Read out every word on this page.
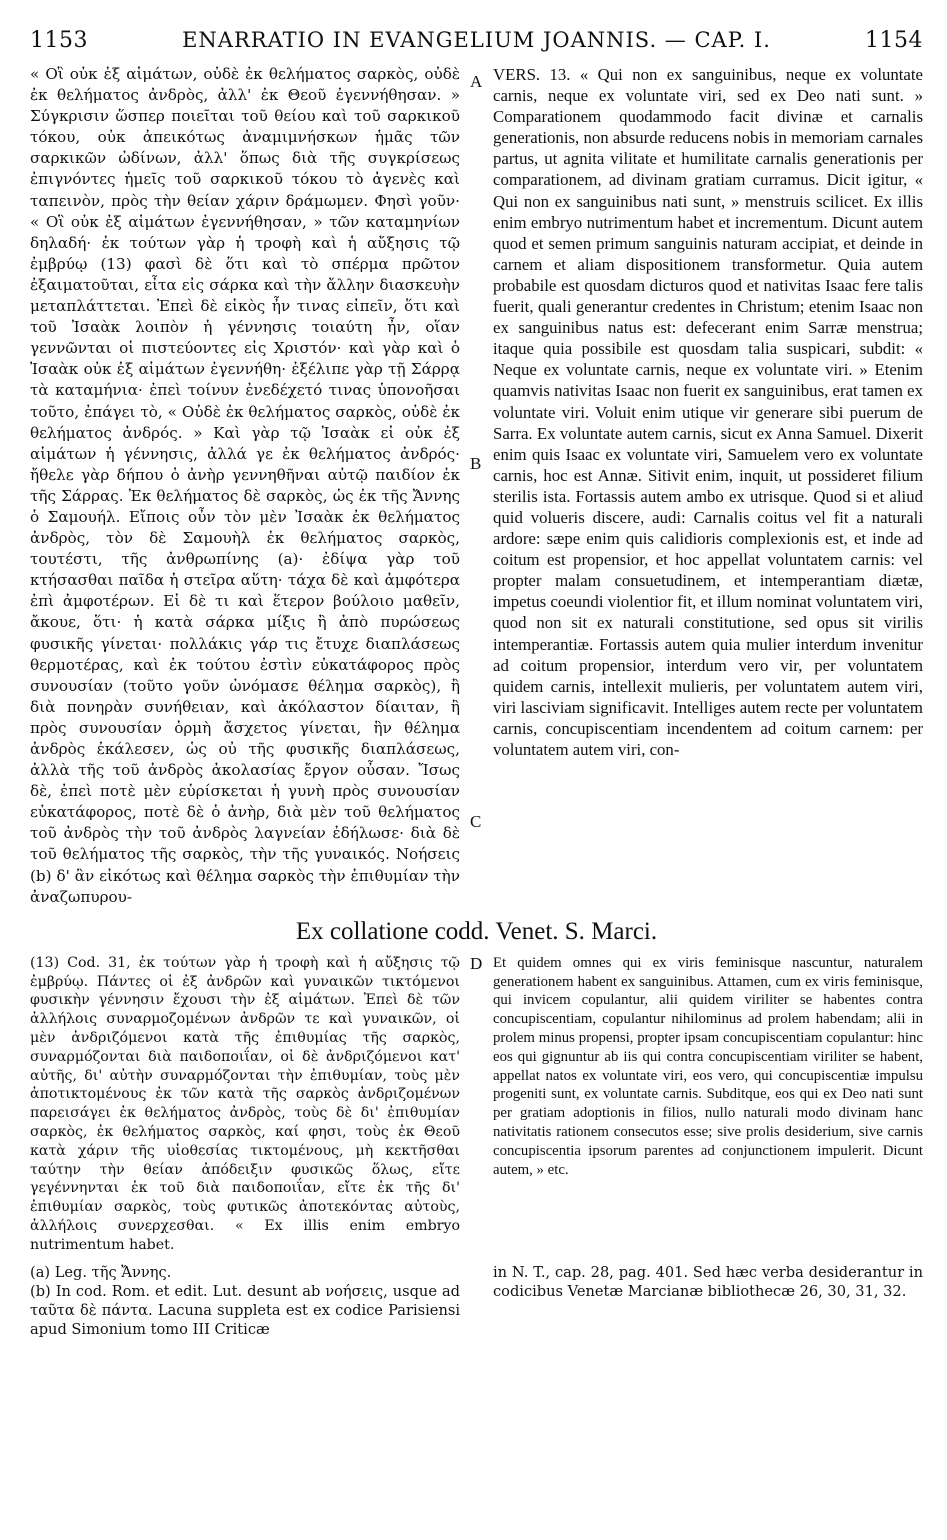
1153	ENARRATIO IN EVANGELIUM JOANNIS. — CAP. I.	1154

« Οἳ οὐκ ἐξ αἱμάτων, οὐδὲ ἐκ θελήματος σαρκὸς, οὐδὲ ἐκ θελήματος ἀνδρὸς, ἀλλ' ἐκ Θεοῦ ἐγεννήθησαν. » Σύγκρισιν ὥσπερ ποιεῖται τοῦ θείου καὶ τοῦ σαρκικοῦ τόκου, οὐκ ἀπεικότως ἀναμιμνήσκων ἡμᾶς τῶν σαρκικῶν ὠδίνων, ἀλλ' ὅπως διὰ τῆς συγκρίσεως ἐπιγνόντες ἡμεῖς τοῦ σαρκικοῦ τόκου τὸ ἀγενὲς καὶ ταπεινὸν, πρὸς τὴν θείαν χάριν δράμωμεν. Φησὶ γοῦν· « Οἳ οὐκ ἐξ αἱμάτων ἐγεννήθησαν, » τῶν καταμηνίων δηλαδή· ἐκ τούτων γὰρ ἡ τροφὴ καὶ ἡ αὔξησις τῷ ἐμβρύῳ (13) φασὶ δὲ ὅτι καὶ τὸ σπέρμα πρῶτον ἐξαιματοῦται, εἶτα εἰς σάρκα καὶ τὴν ἄλλην διασκευὴν μεταπλάττεται. Ἐπεὶ δὲ εἰκὸς ἦν τινας εἰπεῖν, ὅτι καὶ τοῦ Ἰσαὰκ λοιπὸν ἡ γέννησις τοιαύτη ἦν, οἵαν γεννῶνται οἱ πιστεύοντες εἰς Χριστόν· καὶ γὰρ καὶ ὁ Ἰσαὰκ οὐκ ἐξ αἱμάτων ἐγεννήθη· ἐξέλιπε γὰρ τῇ Σάρρᾳ τὰ καταμήνια· ἐπεὶ τοίνυν ἐνεδέχετό τινας ὑπονοῆσαι τοῦτο, ἐπάγει τὸ, « Οὐδὲ ἐκ θελήματος σαρκὸς, οὐδὲ ἐκ θελήματος ἀνδρός. » Καὶ γὰρ τῷ Ἰσαὰκ εἰ οὐκ ἐξ αἱμάτων ἡ γέννησις, ἀλλά γε ἐκ θελήματος ἀνδρός· ἤθελε γὰρ δήπου ὁ ἀνὴρ γεννηθῆναι αὐτῷ παιδίον ἐκ τῆς Σάρρας. Ἐκ θελήματος δὲ σαρκὸς, ὡς ἐκ τῆς Ἄννης ὁ Σαμουήλ. Εἴποις οὖν τὸν μὲν Ἰσαὰκ ἐκ θελήματος ἀνδρὸς, τὸν δὲ Σαμουὴλ ἐκ θελήματος σαρκὸς, τουτέστι, τῆς ἀνθρωπίνης (a)· ἐδίψα γὰρ τοῦ κτήσασθαι παῖδα ἡ στεῖρα αὕτη· τάχα δὲ καὶ ἀμφότερα ἐπὶ ἀμφοτέρων. Εἰ δὲ τι καὶ ἕτερον βούλοιο μαθεῖν, ἄκουε, ὅτι· ἡ κατὰ σάρκα μίξις ἢ ἀπὸ πυρώσεως φυσικῆς γίνεται· πολλάκις γάρ τις ἔτυχε διαπλάσεως θερμοτέρας, καὶ ἐκ τούτου ἐστὶν εὐκατάφορος πρὸς συνουσίαν (τοῦτο γοῦν ὠνόμασε θέλημα σαρκὸς), ἢ διὰ πονηρὰν συνήθειαν, καὶ ἀκόλαστον δίαιταν, ἢ πρὸς συνουσίαν ὁρμὴ ἄσχετος γίνεται, ἣν θέλημα ἀνδρὸς ἐκάλεσεν, ὡς οὐ τῆς φυσικῆς διαπλάσεως, ἀλλὰ τῆς τοῦ ἀνδρὸς ἀκολασίας ἔργον οὖσαν. Ἴσως δὲ, ἐπεὶ ποτὲ μὲν εὑρίσκεται ἡ γυνὴ πρὸς συνουσίαν εὐκατάφορος, ποτὲ δὲ ὁ ἀνὴρ, διὰ μὲν τοῦ θελήματος τοῦ ἀνδρὸς τὴν τοῦ ἀνδρὸς λαγνείαν ἐδήλωσε· διὰ δὲ τοῦ θελήματος τῆς σαρκὸς, τὴν τῆς γυναικός. Νοήσεις (b) δ' ἂν εἰκότως καὶ θέλημα σαρκὸς τὴν ἐπιθυμίαν τὴν ἀναζωπυρου-

VERS. 13. « Qui non ex sanguinibus, neque ex voluntate carnis, neque ex voluntate viri, sed ex Deo nati sunt. » Comparationem quodammodo facit divinæ et carnalis generationis, non absurde reducens nobis in memoriam carnales partus, ut agnita vilitate et humilitate carnalis generationis per comparationem, ad divinam gratiam curramus. Dicit igitur, « Qui non ex sanguinibus nati sunt, » menstruis scilicet. Ex illis enim embryo nutrimentum habet et incrementum. Dicunt autem quod et semen primum sanguinis naturam accipiat, et deinde in carnem et aliam dispositionem transformetur. Quia autem probabile est quosdam dicturos quod et nativitas Isaac fere talis fuerit, quali generantur credentes in Christum; etenim Isaac non ex sanguinibus natus est: defecerant enim Sarræ menstrua; itaque quia possibile est quosdam talia suspicari, subdit: « Neque ex voluntate carnis, neque ex voluntate viri. » Etenim quamvis nativitas Isaac non fuerit ex sanguinibus, erat tamen ex voluntate viri. Voluit enim utique vir generare sibi puerum de Sarra. Ex voluntate autem carnis, sicut ex Anna Samuel. Dixerit enim quis Isaac ex voluntate viri, Samuelem vero ex voluntate carnis, hoc est Annæ. Sitivit enim, inquit, ut possideret filium sterilis ista. Fortassis autem ambo ex utrisque. Quod si et aliud quid volueris discere, audi: Carnalis coitus vel fit a naturali ardore: sæpe enim quis calidioris complexionis est, et inde ad coitum est propensior, et hoc appellat voluntatem carnis: vel propter malam consuetudinem, et intemperantiam diætæ, impetus coeundi violentior fit, et illum nominat voluntatem viri, quod non sit ex naturali constitutione, sed opus sit virilis intemperantiæ. Fortassis autem quia mulier interdum invenitur ad coitum propensior, interdum vero vir, per voluntatem quidem carnis, intellexit mulieris, per voluntatem autem viri, viri lasciviam significavit. Intelliges autem recte per voluntatem carnis, concupiscentiam incendentem ad coitum carnem: per voluntatem autem viri, con-

A
B
C
Ex collatione codd. Venet. S. Marci.

(13) Cod. 31, ἐκ τούτων γὰρ ἡ τροφὴ καὶ ἡ αὔξησις τῷ ἐμβρύῳ. Πάντες οἱ ἐξ ἀνδρῶν καὶ γυναικῶν τικτόμενοι φυσικὴν γέννησιν ἔχουσι τὴν ἐξ αἱμάτων. Ἐπεὶ δὲ τῶν ἀλλήλοις συναρμοζομένων ἀνδρῶν τε καὶ γυναικῶν, οἱ μὲν ἀνδριζόμενοι κατὰ τῆς ἐπιθυμίας τῆς σαρκὸς, συναρμόζονται διὰ παιδοποιΐαν, οἱ δὲ ἀνδριζόμενοι κατ' αὐτῆς, δι' αὐτὴν συναρμόζονται τὴν ἐπιθυμίαν, τοὺς μὲν ἀποτικτομένους ἐκ τῶν κατὰ τῆς σαρκὸς ἀνδριζομένων παρεισάγει ἐκ θελήματος ἀνδρὸς, τοὺς δὲ δι' ἐπιθυμίαν σαρκὸς, ἐκ θελήματος σαρκὸς, καί φησι, τοὺς ἐκ Θεοῦ κατὰ χάριν τῆς υἱοθεσίας τικτομένους, μὴ κεκτῆσθαι ταύτην τὴν θείαν ἀπόδειξιν φυσικῶς ὅλως, εἴτε γεγέννηνται ἐκ τοῦ διὰ παιδοποιΐαν, εἴτε ἐκ τῆς δι' ἐπιθυμίαν σαρκὸς, τοὺς φυτικῶς ἀποτεκόντας αὐτοὺς, ἀλλήλοις συνερχεσθαι. « Ex illis enim embryo nutrimentum habet.

Et quidem omnes qui ex viris feminisque nascuntur, naturalem generationem habent ex sanguinibus. Attamen, cum ex viris feminisque, qui invicem copulantur, alii quidem viriliter se habentes contra concupiscentiam, copulantur nihilominus ad prolem habendam; alii in prolem minus propensi, propter ipsam concupiscentiam copulantur: hinc eos qui gignuntur ab iis qui contra concupiscentiam viriliter se habent, appellat natos ex voluntate viri, eos vero, qui concupiscentiæ impulsu progeniti sunt, ex voluntate carnis. Subditque, eos qui ex Deo nati sunt per gratiam adoptionis in filios, nullo naturali modo divinam hanc nativitatis rationem consecutos esse; sive prolis desiderium, sive carnis concupiscentia ipsorum parentes ad conjunctionem impulerit. Dicunt autem, » etc.

D

(a) Leg. τῆς Ἄννης.

(b) In cod. Rom. et edit. Lut. desunt ab νοήσεις, usque ad ταῦτα δὲ πάντα. Lacuna suppleta est ex codice Parisiensi apud Simonium tomo III Criticæ

in N. T., cap. 28, pag. 401. Sed hæc verba desiderantur in codicibus Venetæ Marcianæ bibliothecæ 26, 30, 31, 32.
